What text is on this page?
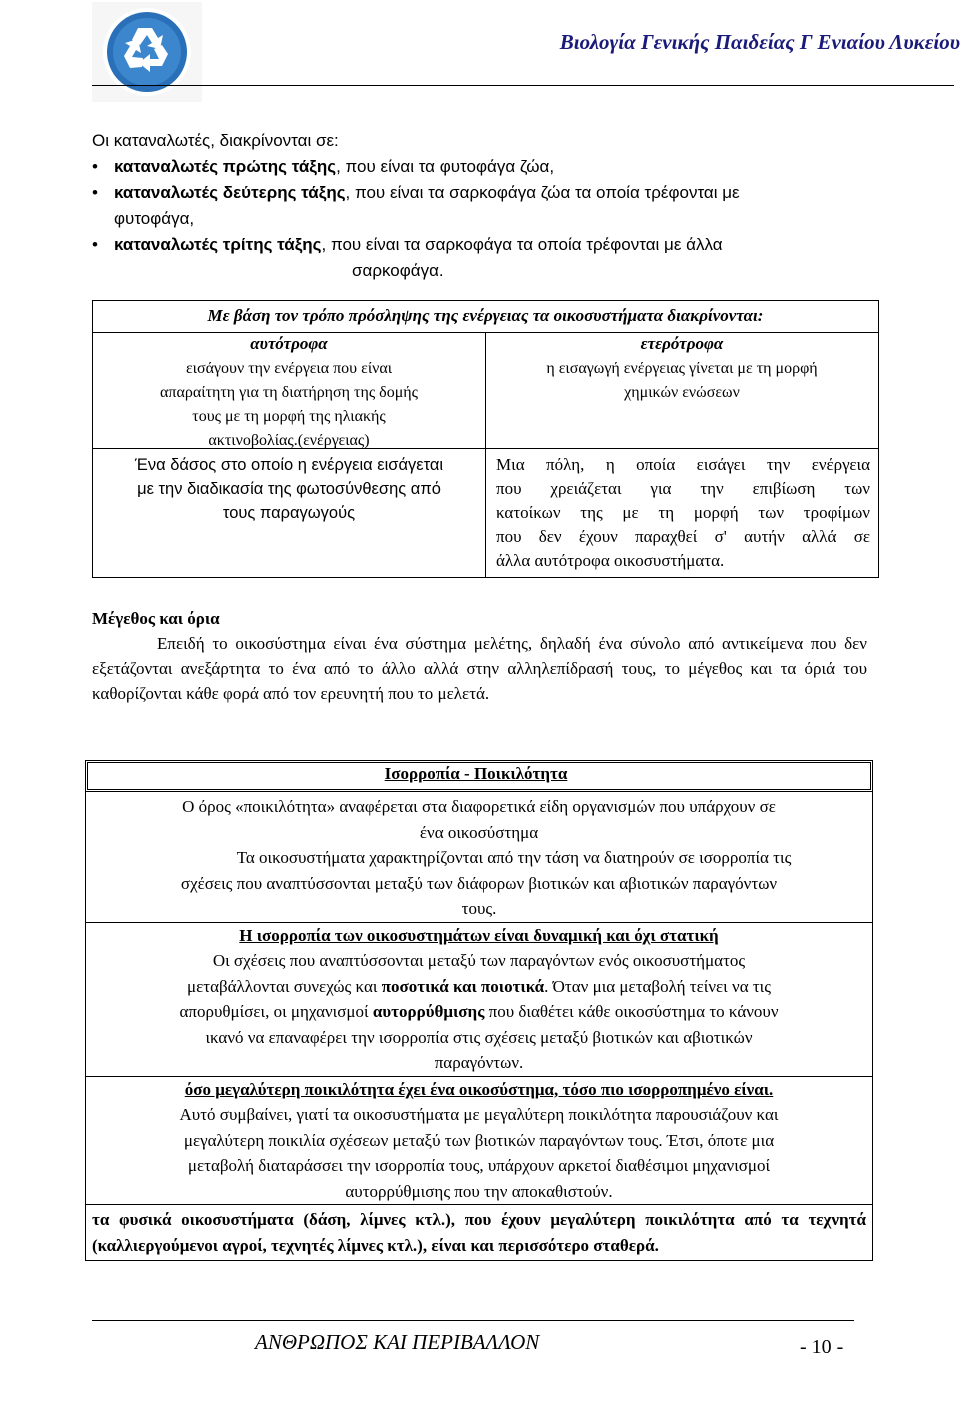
Βιολογία Γενικής Παιδείας Γ Ενιαίου Λυκείου
Οι καταναλωτές, διακρίνονται σε:
• καταναλωτές πρώτης τάξης, που είναι τα φυτοφάγα ζώα,
• καταναλωτές δεύτερης τάξης, που είναι τα σαρκοφάγα ζώα τα οποία τρέφονται με
φυτοφάγα,
• καταναλωτές τρίτης τάξης, που είναι τα σαρκοφάγα τα οποία τρέφονται με άλλα
σαρκοφάγα.
Με βάση τον τρόπο πρόσληψης της ενέργειας τα οικοσυστήματα διακρίνονται:
αυτότροφα
εισάγουν την ενέργεια που είναι
απαραίτητη για τη διατήρηση της δομής
τους με τη μορφή της ηλιακής
ακτινοβολίας.(ενέργειας)
Ένα δάσος στο οποίο η ενέργεια εισάγεται
με την διαδικασία της φωτοσύνθεσης από
τους παραγωγούς
ετερότροφα
η εισαγωγή ενέργειας γίνεται με τη μορφή
χημικών ενώσεων
Μια πόλη, η οποία εισάγει την ενέργεια
που χρειάζεται για την επιβίωση των
κατοίκων της με τη μορφή των τροφίμων
που δεν έχουν παραχθεί σ' αυτήν αλλά σε
άλλα αυτότροφα οικοσυστήματα.
Μέγεθος και όρια
Επειδή το οικοσύστημα είναι ένα σύστημα μελέτης, δηλαδή ένα σύνολο από αντικείμενα που δεν εξετάζονται ανεξάρτητα το ένα από το άλλο αλλά στην αλληλεπίδρασή τους, το μέγεθος και τα όριά του καθορίζονται κάθε φορά από τον ερευνητή που το μελετά.
Ισορροπία - Ποικιλότητα
Ο όρος «ποικιλότητα» αναφέρεται στα διαφορετικά είδη οργανισμών που υπάρχουν σε
ένα οικοσύστημα
Τα οικοσυστήματα χαρακτηρίζονται από την τάση να διατηρούν σε ισορροπία τις
σχέσεις που αναπτύσσονται μεταξύ των διάφορων βιοτικών και αβιοτικών παραγόντων
τους.
Η ισορροπία των οικοσυστημάτων είναι δυναμική και όχι στατική
Οι σχέσεις που αναπτύσσονται μεταξύ των παραγόντων ενός οικοσυστήματος
μεταβάλλονται συνεχώς και ποσοτικά και ποιοτικά. Όταν μια μεταβολή τείνει να τις
απορυθμίσει, οι μηχανισμοί αυτορρύθμισης που διαθέτει κάθε οικοσύστημα το κάνουν
ικανό να επαναφέρει την ισορροπία στις σχέσεις μεταξύ βιοτικών και αβιοτικών
παραγόντων.
όσο μεγαλύτερη ποικιλότητα έχει ένα οικοσύστημα, τόσο πιο ισορροπημένο είναι.
Αυτό συμβαίνει, γιατί τα οικοσυστήματα με μεγαλύτερη ποικιλότητα παρουσιάζουν και
μεγαλύτερη ποικιλία σχέσεων μεταξύ των βιοτικών παραγόντων τους. Έτσι, όποτε μια
μεταβολή διαταράσσει την ισορροπία τους, υπάρχουν αρκετοί διαθέσιμοι μηχανισμοί
αυτορρύθμισης που την αποκαθιστούν.
τα φυσικά οικοσυστήματα (δάση, λίμνες κτλ.), που έχουν μεγαλύτερη ποικιλότητα από τα τεχνητά (καλλιεργούμενοι αγροί, τεχνητές λίμνες κτλ.), είναι και περισσότερο σταθερά.
ΑΝΘΡΩΠΟΣ ΚΑΙ ΠΕΡΙΒΑΛΛΟΝ	- 10 -
